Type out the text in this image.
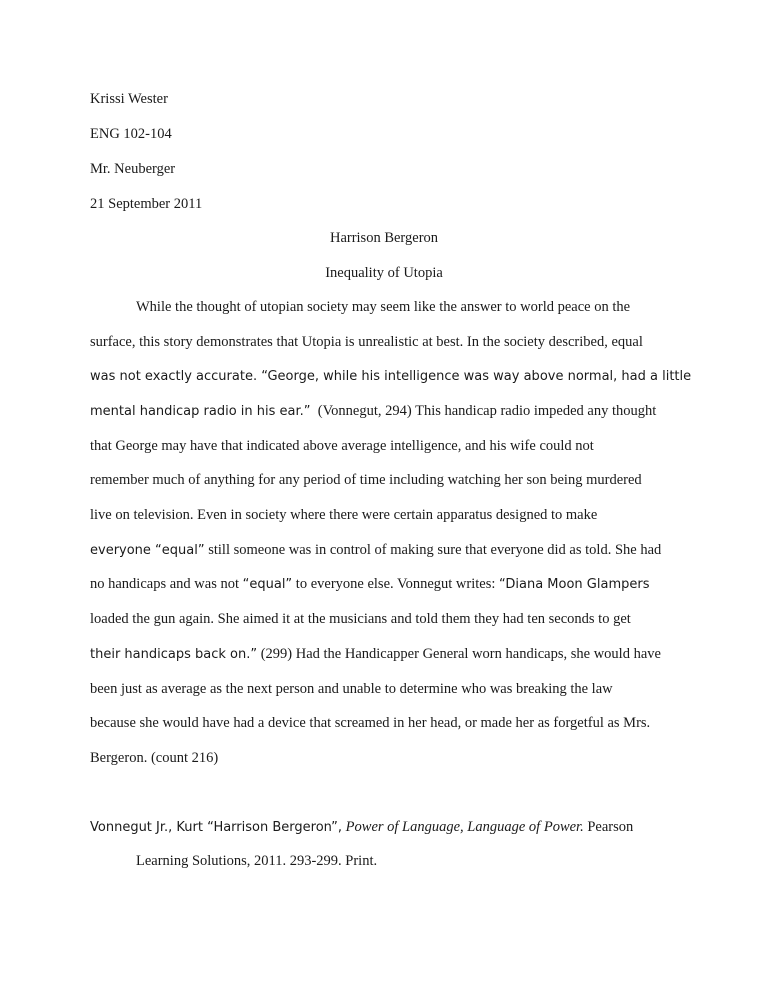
Krissi Wester
ENG 102-104
Mr. Neuberger
21 September 2011
Harrison Bergeron
Inequality of Utopia
While the thought of utopian society may seem like the answer to world peace on the
surface, this story demonstrates that Utopia is unrealistic at best. In the society described, equal
was not exactly accurate. “George, while his intelligence was way above normal, had a little
mental handicap radio in his ear.” (Vonnegut, 294) This handicap radio impeded any thought
that George may have that indicated above average intelligence, and his wife could not
remember much of anything for any period of time including watching her son being murdered
live on television. Even in society where there were certain apparatus designed to make
everyone “equal” still someone was in control of making sure that everyone did as told. She had
no handicaps and was not “equal” to everyone else. Vonnegut writes: “Diana Moon Glampers
loaded the gun again. She aimed it at the musicians and told them they had ten seconds to get
their handicaps back on.” (299) Had the Handicapper General worn handicaps, she would have
been just as average as the next person and unable to determine who was breaking the law
because she would have had a device that screamed in her head, or made her as forgetful as Mrs.
Bergeron. (count 216)
Vonnegut Jr., Kurt “Harrison Bergeron”, Power of Language, Language of Power. Pearson
Learning Solutions, 2011. 293-299. Print.
